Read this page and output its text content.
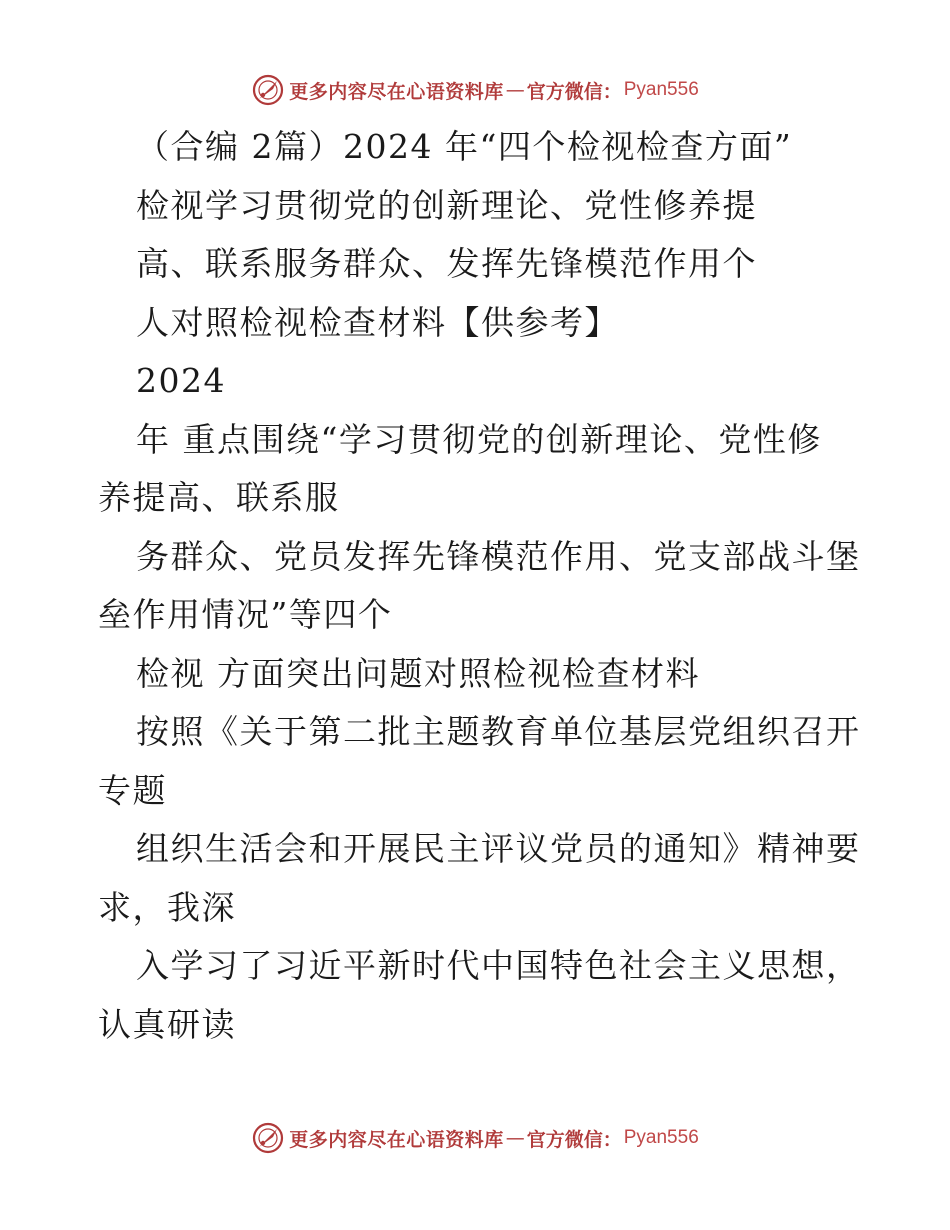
更多内容尽在心语资料库 — 官方微信： Pyan556
（合编 2篇）2024 年“四个检视检查方面”
检视学习贯彻党的创新理论、党性修养提
高、联系服务群众、发挥先锋模范作用个
人对照检视检查材料【供参考】
2024
年 重点围绕“学习贯彻党的创新理论、党性修
养提高、联系服
务群众、党员发挥先锋模范作用、党支部战斗堡
垒作用情况”等四个
检视 方面突出问题对照检视检查材料
按照《关于第二批主题教育单位基层党组织召开
专题
组织生活会和开展民主评议党员的通知》精神要
求，我深
入学习了习近平新时代中国特色社会主义思想，
认真研读
更多内容尽在心语资料库 — 官方微信： Pyan556
